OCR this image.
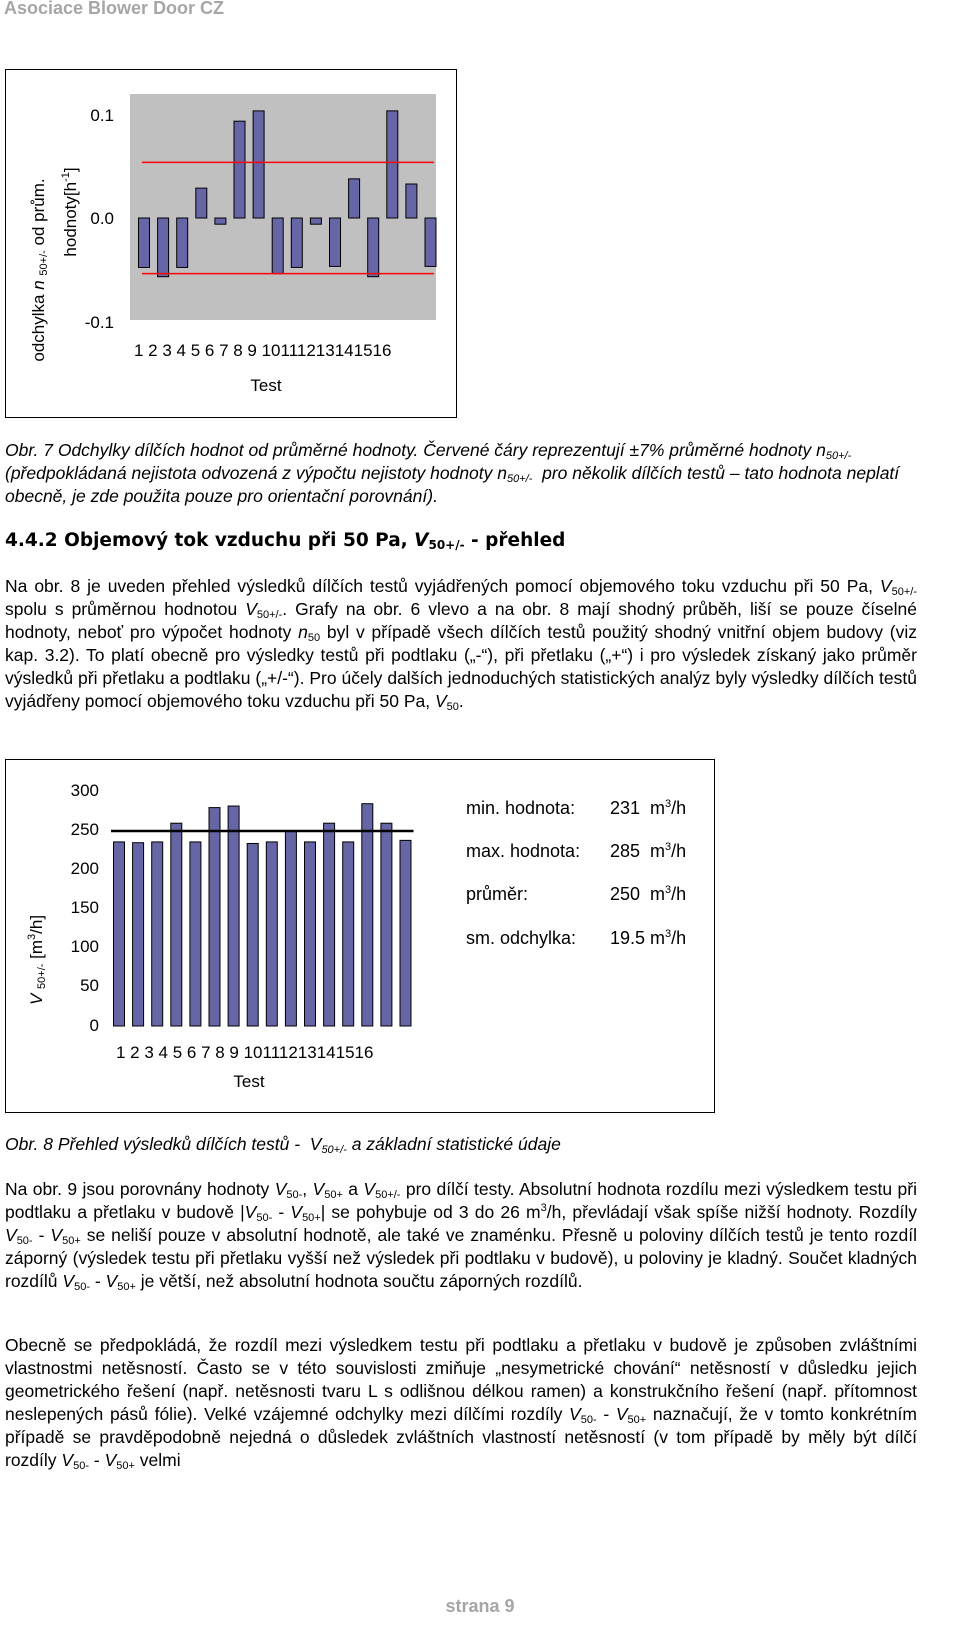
Asociace Blower Door CZ
odchylka n 50+/- od prům. $hodnoty[h^{-1}]$
0.1
0.0
-0.1
1 2 3 4 5 6 7 8 9 10111213141516
Test
Obr. 7 Odchylky dílčích hodnot od průměrné hodnoty. Červené čáry reprezentují ±7% průměrné hodnoty $n_{50+/-}$ (předpokládaná nejistota odvozená z výpočtu nejistoty hodnoty $n_{50+/-}$  pro několik dílčích testů – tato hodnota neplatí obecně, je zde použita pouze pro orientační porovnání).
4.4.2 Objemový tok vzduchu při 50 Pa, $V_{50+/-}$ - přehled
Na obr. 8 je uveden přehled výsledků dílčích testů vyjádřených pomocí objemového toku vzduchu při 50 Pa, $V_{50+/-}$ spolu s průměrnou hodnotou $V_{50+/-}$. Grafy na obr. 6 vlevo a na obr. 8 mají shodný průběh, liší se pouze číselné hodnoty, neboť pro výpočet hodnoty $n_{50}$ byl v případě všech dílčích testů použitý shodný vnitřní objem budovy (viz kap. 3.2). To platí obecně pro výsledky testů při podtlaku („-“), při přetlaku („+“) i pro výsledek získaný jako průměr výsledků při přetlaku a podtlaku („+/-“). Pro účely dalších jednoduchých statistických analýz byly výsledky dílčích testů vyjádřeny pomocí objemového toku vzduchu při 50 Pa, $V_{50}$.
V 50+/- $[m^3/h]$
300
250
200
150
100
50
0
1 2 3 4 5 6 7 8 9 10111213141516
Test
min. hodnota: 231  $m^3/h$
max. hodnota: 285  $m^3/h$
průměr:	250  $m^3/h$
sm. odchylka: 19.5 $m^3/h$
Obr. 8 Přehled výsledků dílčích testů -  $V_{50+/-}$ a základní statistické údaje
Na obr. 9 jsou porovnány hodnoty $V_{50-}$, $V_{50+}$ a $V_{50+/-}$ pro dílčí testy. Absolutní hodnota rozdílu mezi výsledkem testu při podtlaku a přetlaku v budově $|V_{50-} - V_{50+}|$ se pohybuje od 3 do 26 $m^3/h$, převládají však spíše nižší hodnoty. Rozdíly $V_{50-} - V_{50+}$ se neliší pouze v absolutní hodnotě, ale také ve znaménku. Přesně u poloviny dílčích testů je tento rozdíl záporný (výsledek testu při přetlaku vyšší než výsledek při podtlaku v budově), u poloviny je kladný. Součet kladných rozdílů $V_{50-} - V_{50+}$ je větší, než absolutní hodnota součtu záporných rozdílů.
Obecně se předpokládá, že rozdíl mezi výsledkem testu při podtlaku a přetlaku v budově je způsoben zvláštními vlastnostmi netěsností. Často se v této souvislosti zmiňuje „nesymetrické chování“ netěsností v důsledku jejich geometrického řešení (např. netěsnosti tvaru L s odlišnou délkou ramen) a konstrukčního řešení (např. přítomnost neslepených pásů fólie). Velké vzájemné odchylky mezi dílčími rozdíly $V_{50-} - V_{50+}$ naznačují, že v tomto konkrétním případě se pravděpodobně nejedná o důsledek zvláštních vlastností netěsností (v tom případě by měly být dílčí rozdíly $V_{50-} - V_{50+}$ velmi
strana 9
